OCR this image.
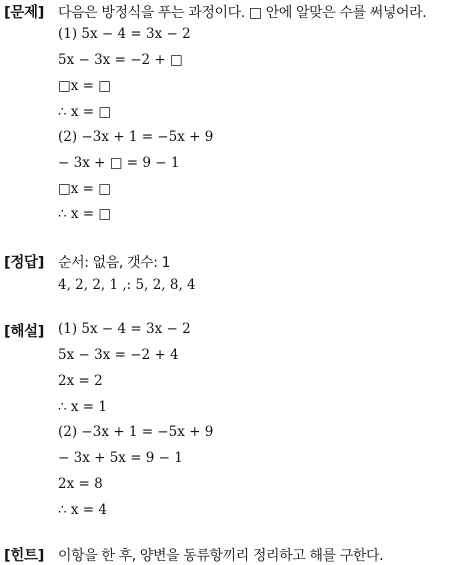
[문제] 다음은 방정식을 푸는 과정이다. □ 안에 알맞은 수를 써넣어라.
(1) 5x − 4 = 3x − 2
5x − 3x = −2 + □
□x = □
∴ x = □
(2) −3x + 1 = −5x + 9
− 3x + □ = 9 − 1
□x = □
∴ x = □
[정답] 순서: 없음, 갯수: 1
4, 2, 2, 1 ,: 5, 2, 8, 4
[해설] (1) 5x − 4 = 3x − 2
5x − 3x = −2 + 4
2x = 2
∴ x = 1
(2) −3x + 1 = −5x + 9
− 3x + 5x = 9 − 1
2x = 8
∴ x = 4
[힌트] 이항을 한 후, 양변을 동류항끼리 정리하고 해를 구한다.
